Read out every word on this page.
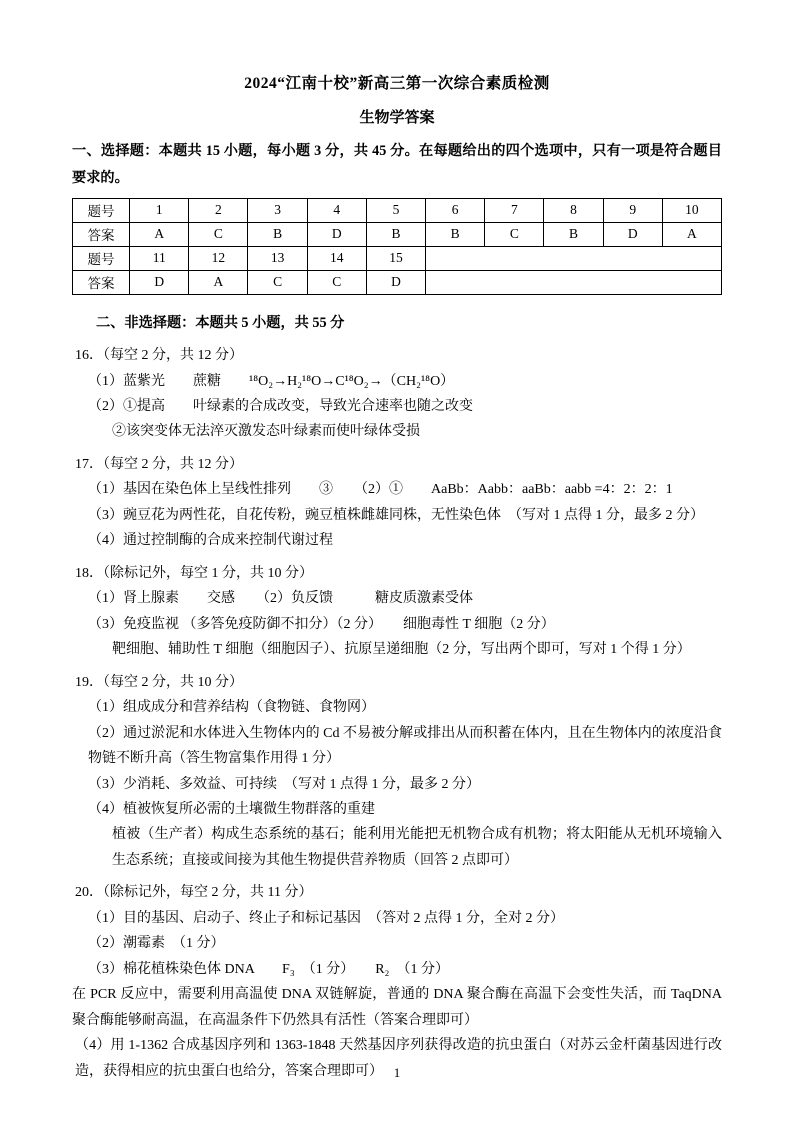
2024“江南十校”新高三第一次综合素质检测
生物学答案

一、选择题：本题共 15 小题，每小题 3 分，共 45 分。在每题给出的四个选项中，只有一项是符合题目要求的。

题号	1	2	3	4	5	6	7	8	9	10
答案	A	C	B	D	B	B	C	B	D	A
题号	11	12	13	14	15					
答案	D	A	C	C	D					

二、非选择题：本题共 5 小题，共 55 分

16．（每空 2 分，共 12 分）

（1）蓝紫光　　蔗糖　　¹⁸O₂→H₂¹⁸O→C¹⁸O₂→（CH₂¹⁸O）

（2）①提高　　叶绿素的合成改变，导致光合速率也随之改变

②该突变体无法淬灭激发态叶绿素而使叶绿体受损

17．（每空 2 分，共 12 分）

（1）基因在染色体上呈线性排列　　③　　（2）①　　AaBb：Aabb：aaBb：aabb =4：2：2：1

（3）豌豆花为两性花，自花传粉，豌豆植株雌雄同株，无性染色体　（写对 1 点得 1 分，最多 2 分）

（4）通过控制酶的合成来控制代谢过程

18．（除标记外，每空 1 分，共 10 分）

（1）肾上腺素　　交感　　（2）负反馈　　　糖皮质激素受体

（3）免疫监视 （多答免疫防御不扣分）（2 分）　　细胞毒性 T 细胞（2 分）

靶细胞、辅助性 T 细胞（细胞因子）、抗原呈递细胞（2 分，写出两个即可，写对 1 个得 1 分）

19．（每空 2 分，共 10 分）

（1）组成成分和营养结构（食物链、食物网）

（2）通过淤泥和水体进入生物体内的 Cd 不易被分解或排出从而积蓄在体内，且在生物体内的浓度沿食物链不断升高（答生物富集作用得 1 分）

（3）少消耗、多效益、可持续　（写对 1 点得 1 分，最多 2 分）

（4）植被恢复所必需的土壤微生物群落的重建

植被（生产者）构成生态系统的基石；能利用光能把无机物合成有机物；将太阳能从无机环境输入生态系统；直接或间接为其他生物提供营养物质（回答 2 点即可）

20．（除标记外，每空 2 分，共 11 分）

（1）目的基因、启动子、终止子和标记基因　（答对 2 点得 1 分，全对 2 分）

（2）潮霉素　（1 分）

（3）棉花植株染色体 DNA　　F₃　（1 分）　　R₂　（1 分）

在 PCR 反应中，需要利用高温使 DNA 双链解旋，普通的 DNA 聚合酶在高温下会变性失活，而 TaqDNA 聚合酶能够耐高温，在高温条件下仍然具有活性（答案合理即可）

（4）用 1-1362 合成基因序列和 1363-1848 天然基因序列获得改造的抗虫蛋白（对苏云金杆菌基因进行改造，获得相应的抗虫蛋白也给分，答案合理即可） 1
